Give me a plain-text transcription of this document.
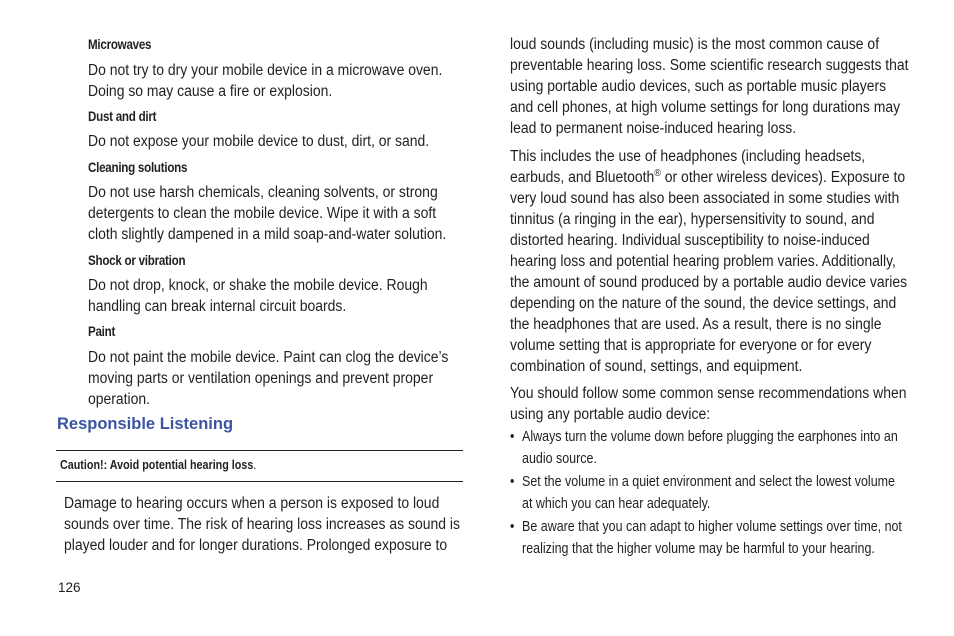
Microwaves

Do not try to dry your mobile device in a microwave oven. Doing so may cause a fire or explosion.

Dust and dirt

Do not expose your mobile device to dust, dirt, or sand.

Cleaning solutions

Do not use harsh chemicals, cleaning solvents, or strong detergents to clean the mobile device. Wipe it with a soft cloth slightly dampened in a mild soap-and-water solution.

Shock or vibration

Do not drop, knock, or shake the mobile device. Rough handling can break internal circuit boards.

Paint

Do not paint the mobile device. Paint can clog the device’s moving parts or ventilation openings and prevent proper operation.

Responsible Listening
Caution!: Avoid potential hearing loss.

Damage to hearing occurs when a person is exposed to loud sounds over time. The risk of hearing loss increases as sound is played louder and for longer durations. Prolonged exposure to

loud sounds (including music) is the most common cause of preventable hearing loss. Some scientific research suggests that using portable audio devices, such as portable music players and cell phones, at high volume settings for long durations may lead to permanent noise-induced hearing loss.

This includes the use of headphones (including headsets, earbuds, and Bluetooth® or other wireless devices). Exposure to very loud sound has also been associated in some studies with tinnitus (a ringing in the ear), hypersensitivity to sound, and distorted hearing. Individual susceptibility to noise-induced hearing loss and potential hearing problem varies. Additionally, the amount of sound produced by a portable audio device varies depending on the nature of the sound, the device settings, and the headphones that are used. As a result, there is no single volume setting that is appropriate for everyone or for every combination of sound, settings, and equipment.

You should follow some common sense recommendations when using any portable audio device:

• Always turn the volume down before plugging the earphones into an audio source.
• Set the volume in a quiet environment and select the lowest volume at which you can hear adequately.
• Be aware that you can adapt to higher volume settings over time, not realizing that the higher volume may be harmful to your hearing.

126
